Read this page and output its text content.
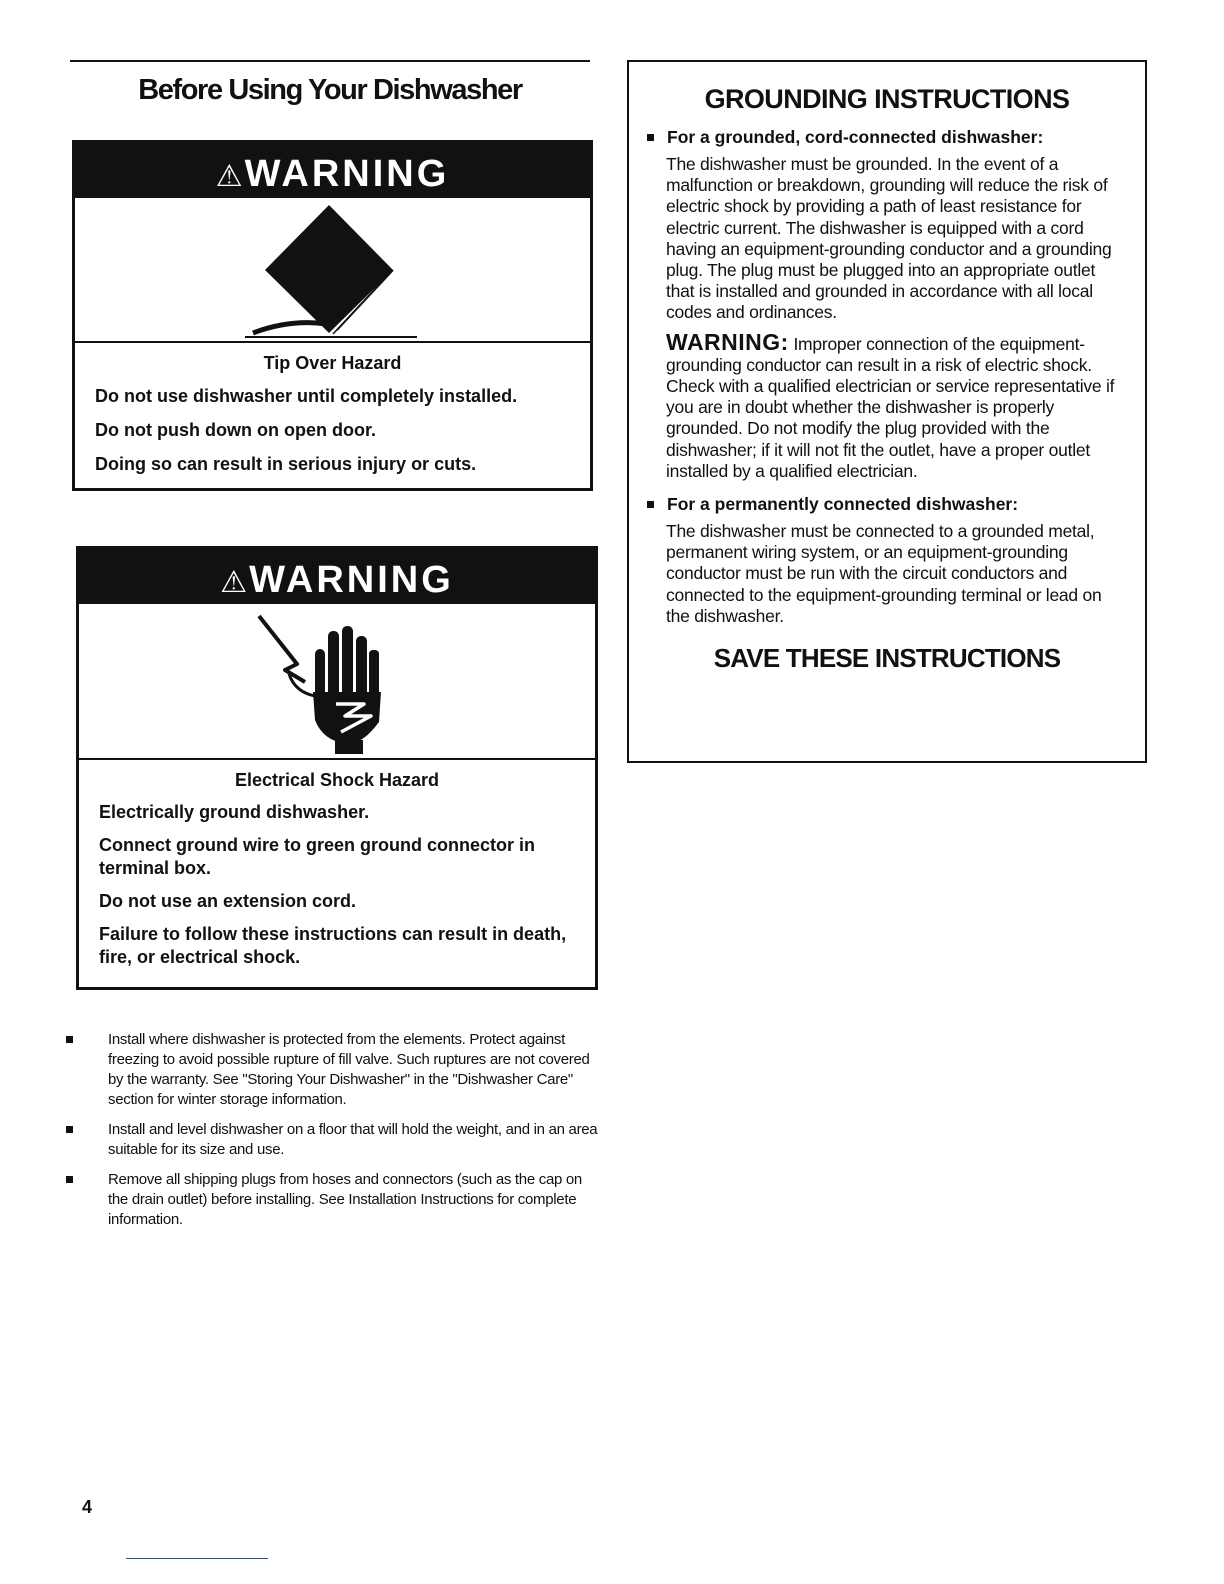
Before Using Your Dishwasher
⚠WARNING
Tip Over Hazard
Do not use dishwasher until completely installed.
Do not push down on open door.
Doing so can result in serious injury or cuts.
⚠WARNING
Electrical Shock Hazard
Electrically ground dishwasher.
Connect ground wire to green ground connector in terminal box.
Do not use an extension cord.
Failure to follow these instructions can result in death, fire, or electrical shock.
Install where dishwasher is protected from the elements. Protect against freezing to avoid possible rupture of fill valve. Such ruptures are not covered by the warranty. See "Storing Your Dishwasher" in the "Dishwasher Care" section for winter storage information.
Install and level dishwasher on a floor that will hold the weight, and in an area suitable for its size and use.
Remove all shipping plugs from hoses and connectors (such as the cap on the drain outlet) before installing. See Installation Instructions for complete information.
GROUNDING INSTRUCTIONS
For a grounded, cord-connected dishwasher:
The dishwasher must be grounded. In the event of a malfunction or breakdown, grounding will reduce the risk of electric shock by providing a path of least resistance for electric current. The dishwasher is equipped with a cord having an equipment-grounding conductor and a grounding plug. The plug must be plugged into an appropriate outlet that is installed and grounded in accordance with all local codes and ordinances.
WARNING: Improper connection of the equipment-grounding conductor can result in a risk of electric shock. Check with a qualified electrician or service representative if you are in doubt whether the dishwasher is properly grounded. Do not modify the plug provided with the dishwasher; if it will not fit the outlet, have a proper outlet installed by a qualified electrician.
For a permanently connected dishwasher:
The dishwasher must be connected to a grounded metal, permanent wiring system, or an equipment-grounding conductor must be run with the circuit conductors and connected to the equipment-grounding terminal or lead on the dishwasher.
SAVE THESE INSTRUCTIONS
4
